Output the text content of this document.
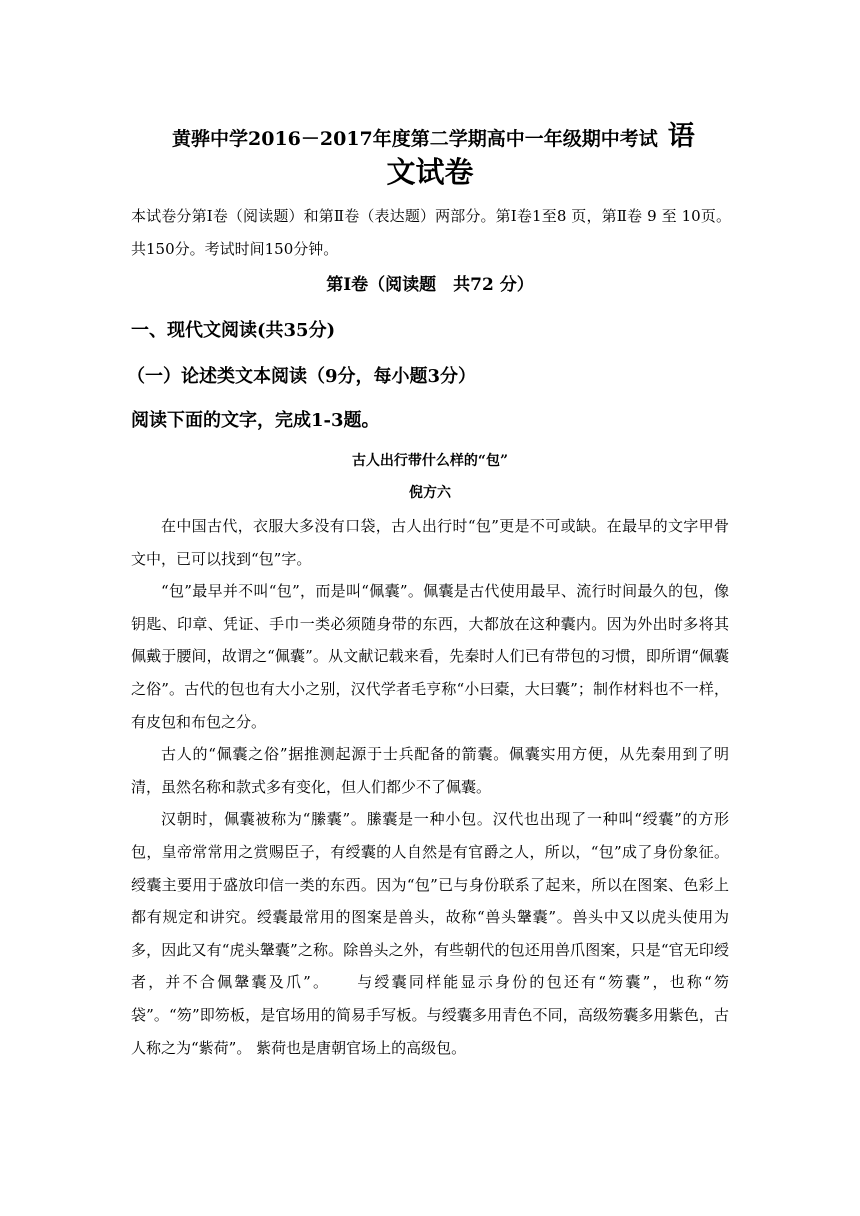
黄骅中学2016－2017年度第二学期高中一年级期中考试 语
文试卷
本试卷分第Ⅰ卷（阅读题）和第Ⅱ卷（表达题）两部分。第Ⅰ卷1至8 页，第Ⅱ卷 9 至 10页。共150分。考试时间150分钟。
第Ⅰ卷（阅读题　共72 分）
一、现代文阅读(共35分)
（一）论述类文本阅读（9分，每小题3分）
阅读下面的文字，完成1-3题。
古人出行带什么样的“包”
倪方六

在中国古代，衣服大多没有口袋，古人出行时“包”更是不可或缺。在最早的文字甲骨文中，已可以找到“包”字。

“包”最早并不叫“包”，而是叫“佩囊”。佩囊是古代使用最早、流行时间最久的包，像钥匙、印章、凭证、手巾一类必须随身带的东西，大都放在这种囊内。因为外出时多将其佩戴于腰间，故谓之“佩囊”。从文献记载来看，先秦时人们已有带包的习惯，即所谓“佩囊之俗”。古代的包也有大小之别，汉代学者毛亨称“小曰橐，大曰囊”；制作材料也不一样，有皮包和布包之分。

古人的“佩囊之俗”据推测起源于士兵配备的箭囊。佩囊实用方便，从先秦用到了明清，虽然名称和款式多有变化，但人们都少不了佩囊。

汉朝时，佩囊被称为“縢囊”。縢囊是一种小包。汉代也出现了一种叫“绶囊”的方形包，皇帝常常用之赏赐臣子，有绶囊的人自然是有官爵之人，所以，“包”成了身份象征。绶囊主要用于盛放印信一类的东西。因为“包”已与身份联系了起来，所以在图案、色彩上都有规定和讲究。绶囊最常用的图案是兽头，故称“兽头鞶囊”。兽头中又以虎头使用为多，因此又有“虎头鞶囊”之称。除兽头之外，有些朝代的包还用兽爪图案，只是“官无印绶者，并不合佩鞶囊及爪”。　　与绶囊同样能显示身份的包还有“笏囊”，也称“笏袋”。“笏”即笏板，是官场用的简易手写板。与绶囊多用青色不同，高级笏囊多用紫色，古人称之为“紫荷”。 紫荷也是唐朝官场上的高级包。
